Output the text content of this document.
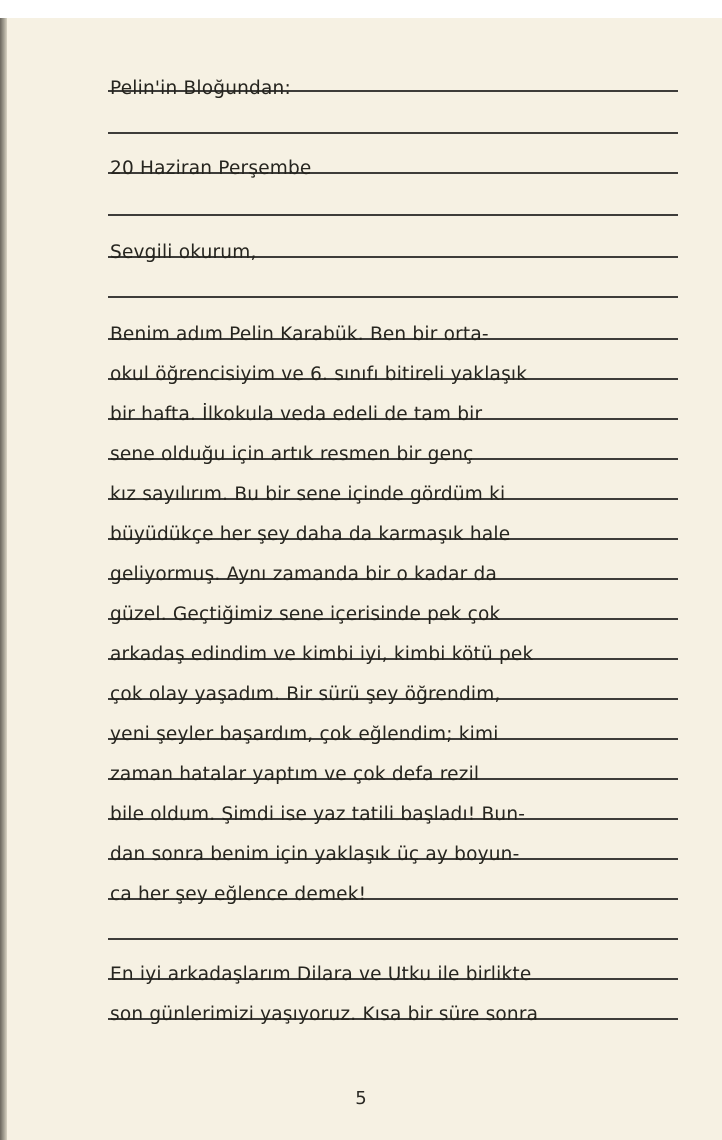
Pelin'in Bloğundan:
20 Haziran Perşembe
Sevgili okurum,
Benim adım Pelin Karabük. Ben bir orta-
okul öğrencisiyim ve 6. sınıfı bitireli yaklaşık
bir hafta. İlkokula veda edeli de tam bir
sene olduğu için artık resmen bir genç
kız sayılırım. Bu bir sene içinde gördüm ki
büyüdükçe her şey daha da karmaşık hale
geliyormuş. Aynı zamanda bir o kadar da
güzel. Geçtiğimiz sene içerisinde pek çok
arkadaş edindim ve kimbi iyi, kimbi kötü pek
çok olay yaşadım. Bir sürü şey öğrendim,
yeni şeyler başardım, çok eğlendim; kimi
zaman hatalar yaptım ve çok defa rezil
bile oldum. Şimdi ise yaz tatili başladı! Bun-
dan sonra benim için yaklaşık üç ay boyun-
ca her şey eğlence demek!
En iyi arkadaşlarım Dilara ve Utku ile birlikte
son günlerimizi yaşıyoruz. Kısa bir süre sonra
5
